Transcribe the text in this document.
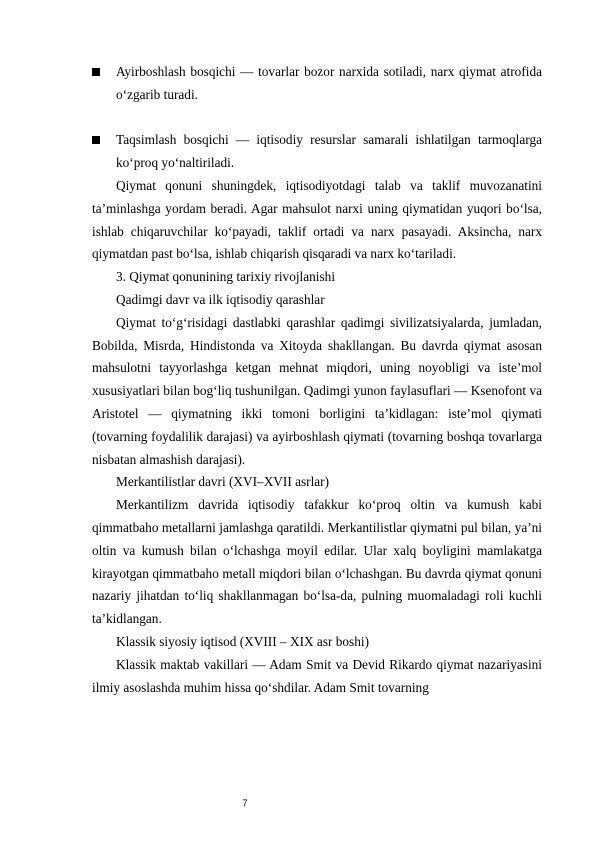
Ayirboshlash bosqichi — tovarlar bozor narxida sotiladi, narx qiymat atrofida o‘zgarib turadi.

Taqsimlash bosqichi — iqtisodiy resurslar samarali ishlatilgan tarmoqlarga ko‘proq yo‘naltiriladi.

Qiymat qonuni shuningdek, iqtisodiyotdagi talab va taklif muvozanatini ta’minlashga yordam beradi. Agar mahsulot narxi uning qiymatidan yuqori bo‘lsa, ishlab chiqaruvchilar ko‘payadi, taklif ortadi va narx pasayadi. Aksincha, narx qiymatdan past bo‘lsa, ishlab chiqarish qisqaradi va narx ko‘tariladi.

3. Qiymat qonunining tarixiy rivojlanishi

Qadimgi davr va ilk iqtisodiy qarashlar

Qiymat to‘g‘risidagi dastlabki qarashlar qadimgi sivilizatsiyalarda, jumladan, Bobilda, Misrda, Hindistonda va Xitoyda shakllangan. Bu davrda qiymat asosan mahsulotni tayyorlashga ketgan mehnat miqdori, uning noyobligi va iste’mol xususiyatlari bilan bog‘liq tushunilgan. Qadimgi yunon faylasuflari — Ksenofont va Aristotel — qiymatning ikki tomoni borligini ta’kidlagan: iste’mol qiymati (tovarning foydalilik darajasi) va ayirboshlash qiymati (tovarning boshqa tovarlarga nisbatan almashish darajasi).

Merkantilistlar davri (XVI–XVII asrlar)

Merkantilizm davrida iqtisodiy tafakkur ko‘proq oltin va kumush kabi qimmatbaho metallarni jamlashga qaratildi. Merkantilistlar qiymatni pul bilan, ya’ni oltin va kumush bilan o‘lchashga moyil edilar. Ular xalq boyligini mamlakatga kirayotgan qimmatbaho metall miqdori bilan o‘lchashgan. Bu davrda qiymat qonuni nazariy jihatdan to‘liq shakllanmagan bo‘lsa-da, pulning muomaladagi roli kuchli ta’kidlangan.

Klassik siyosiy iqtisod (XVIII – XIX asr boshi)

Klassik maktab vakillari — Adam Smit va Devid Rikardo qiymat nazariyasini ilmiy asoslashda muhim hissa qo‘shdilar. Adam Smit tovarning

7
